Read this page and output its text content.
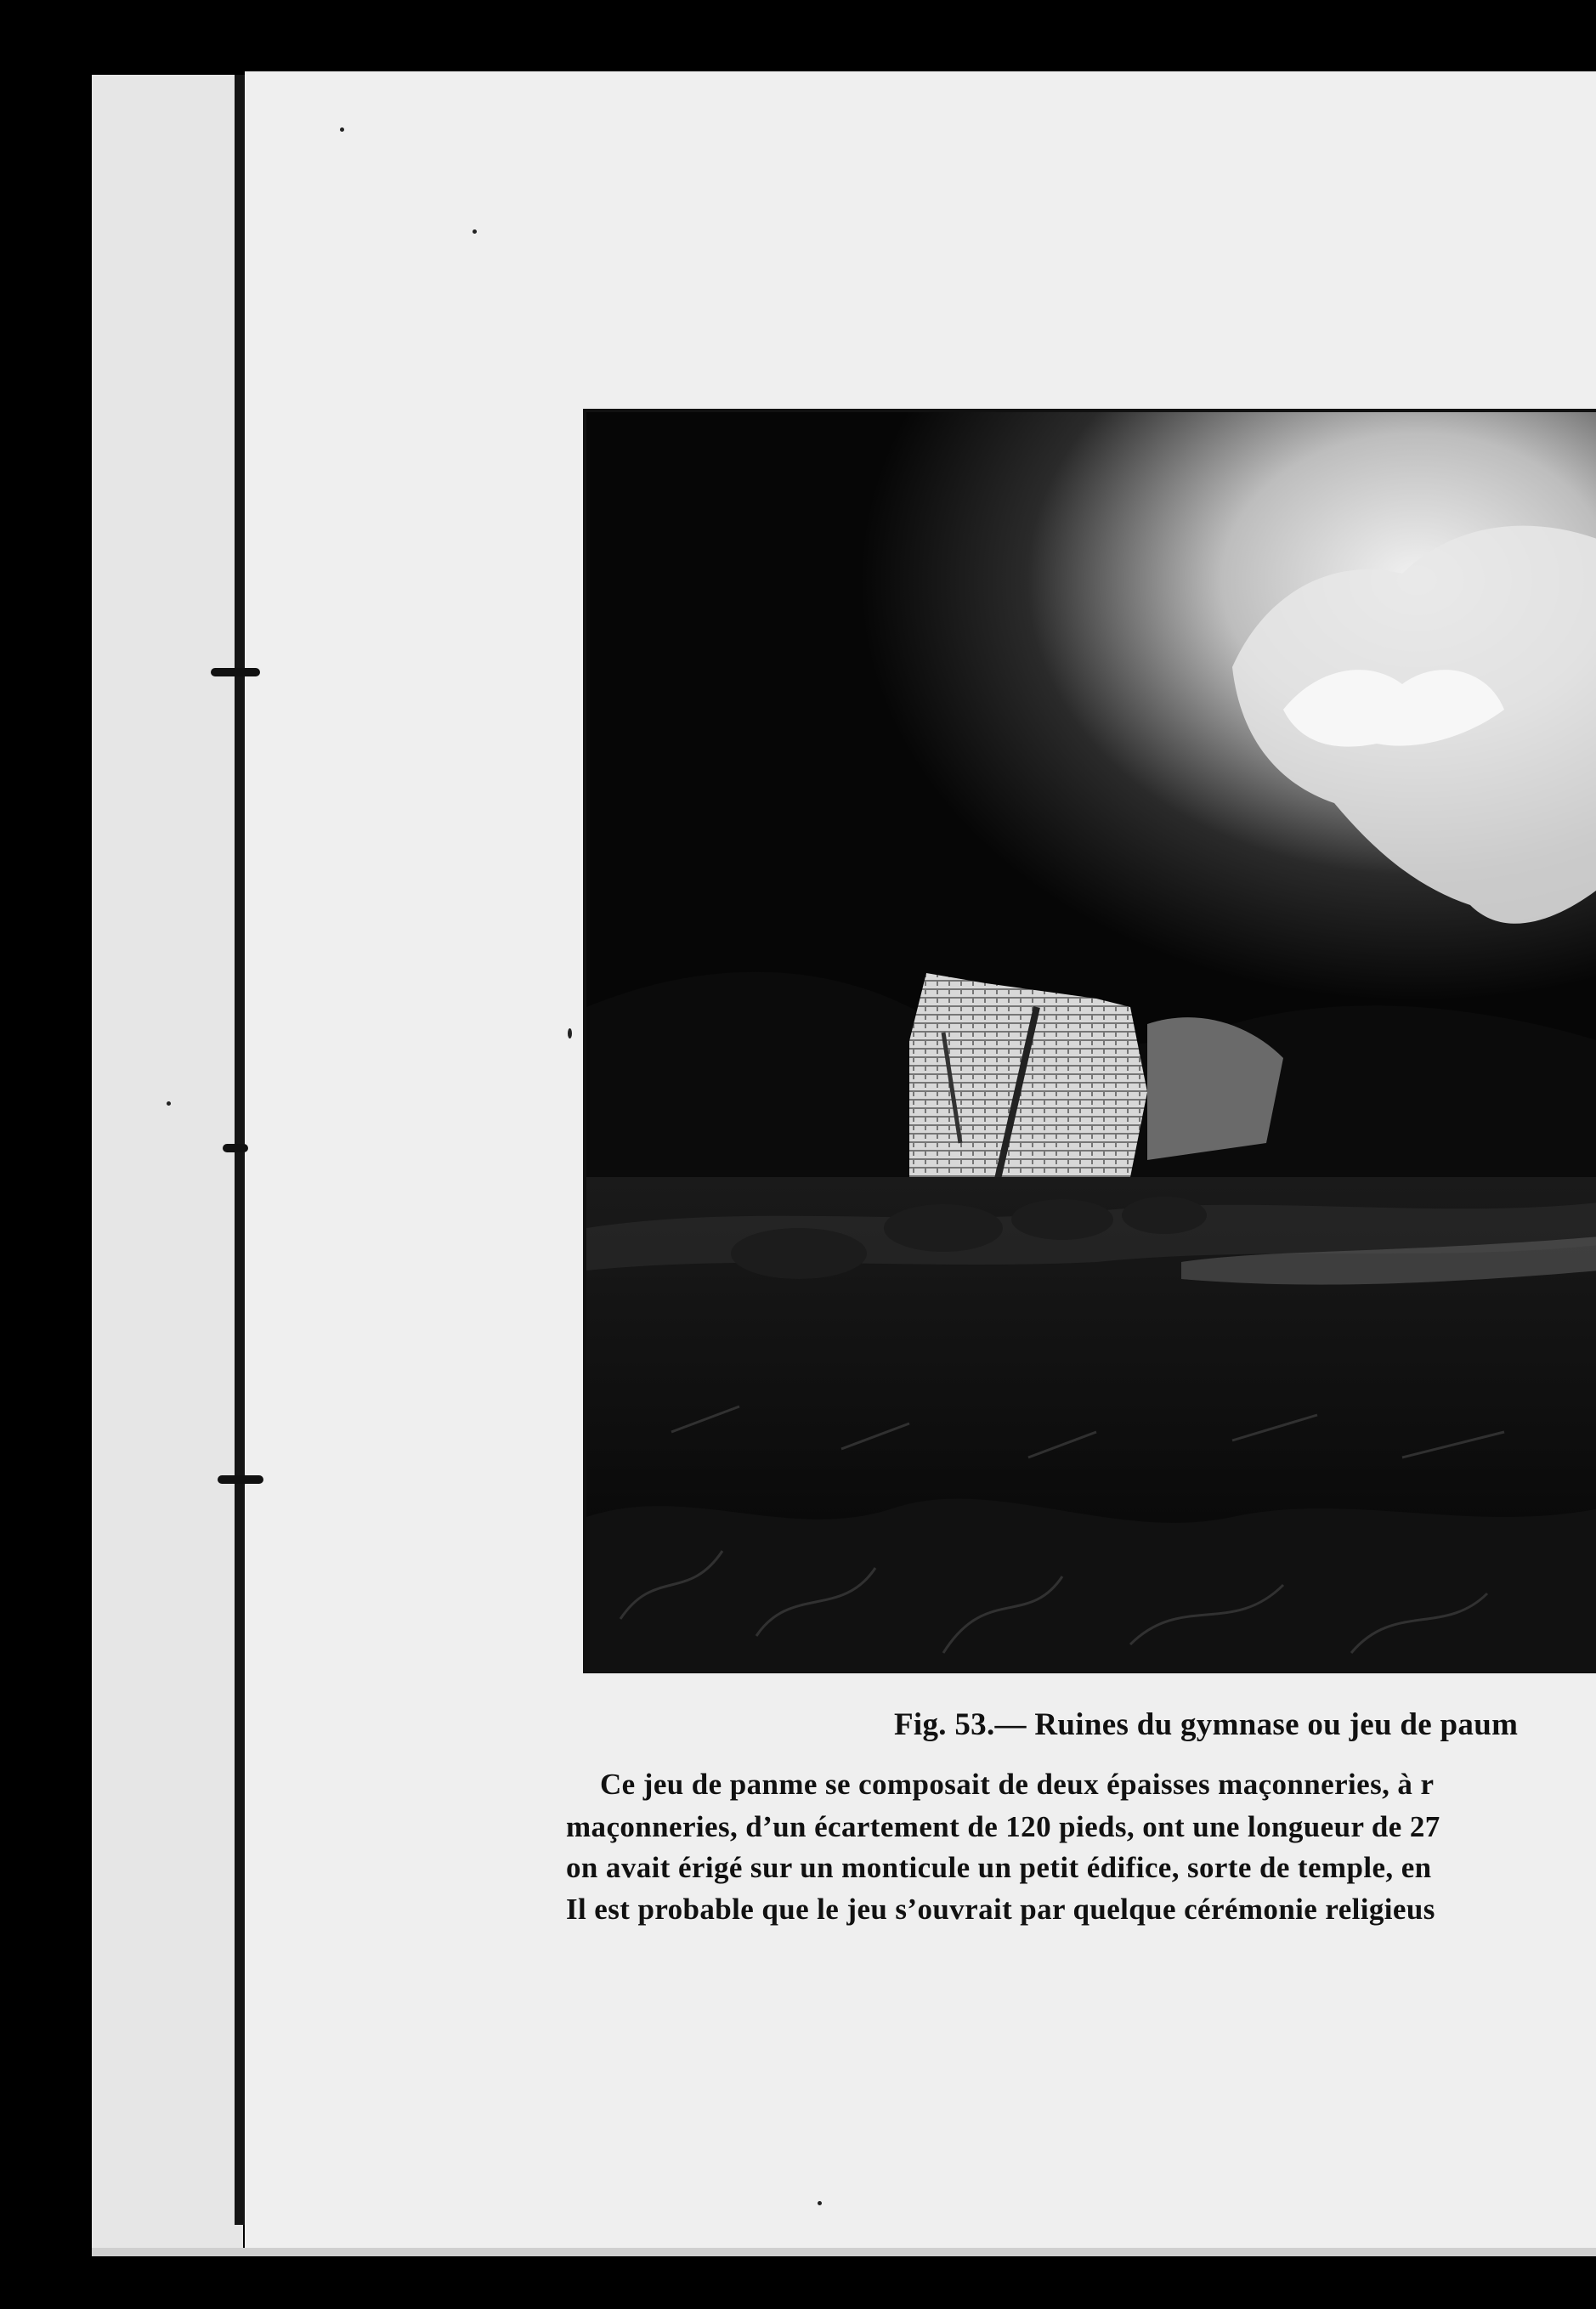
Fig. 53.— Ruines du gymnase ou jeu de paum
Ce jeu de panme se composait de deux épaisses maçonneries, à r
maçonneries, d’un écartement de 120 pieds, ont une longueur de 27
on avait érigé sur un monticule un petit édifice, sorte de temple, en
Il est probable que le jeu s’ouvrait par quelque cérémonie religieus
